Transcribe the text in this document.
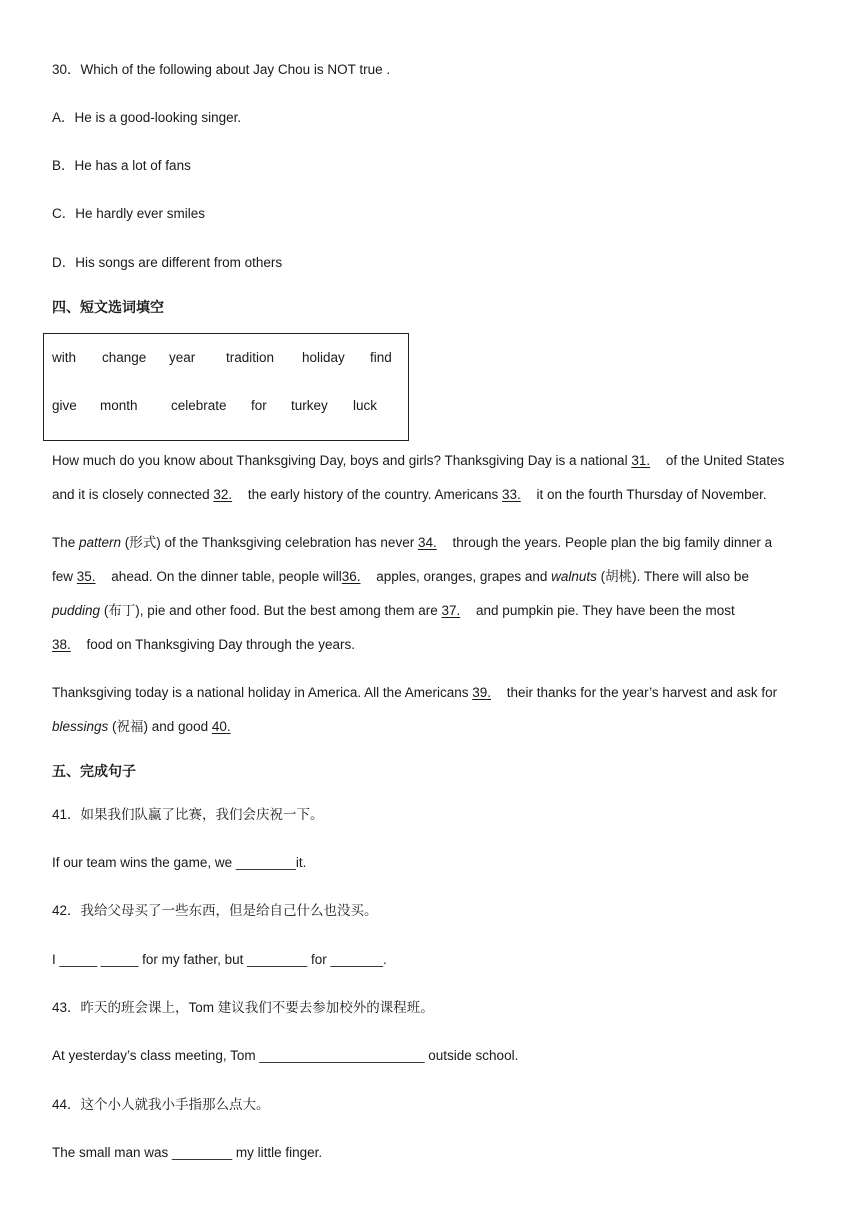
30．Which of the following about Jay Chou is NOT true .
A．He is a good-looking singer.
B．He has a lot of fans
C．He hardly ever smiles
D．His songs are different from others
四、短文选词填空
with change year tradition holiday find
give month celebrate for turkey luck
How much do you know about Thanksgiving Day, boys and girls? Thanksgiving Day is a national 31. of the United States
and it is closely connected 32. the early history of the country. Americans 33. it on the fourth Thursday of November.
The pattern (形式) of the Thanksgiving celebration has never 34. through the years. People plan the big family dinner a
few 35. ahead. On the dinner table, people will36. apples, oranges, grapes and walnuts (胡桃). There will also be
pudding (布丁), pie and other food. But the best among them are 37. and pumpkin pie. They have been the most
38. food on Thanksgiving Day through the years.
Thanksgiving today is a national holiday in America. All the Americans 39. their thanks for the year’s harvest and ask for
blessings (祝福) and good 40.
五、完成句子
41．如果我们队赢了比赛，我们会庆祝一下。
If our team wins the game, we ________it.
42．我给父母买了一些东西，但是给自己什么也没买。
I _____ _____ for my father, but ________ for _______.
43．昨天的班会课上，Tom 建议我们不要去参加校外的课程班。
At yesterday’s class meeting, Tom ______________________ outside school.
44．这个小人就我小手指那么点大。
The small man was ________ my little finger.
